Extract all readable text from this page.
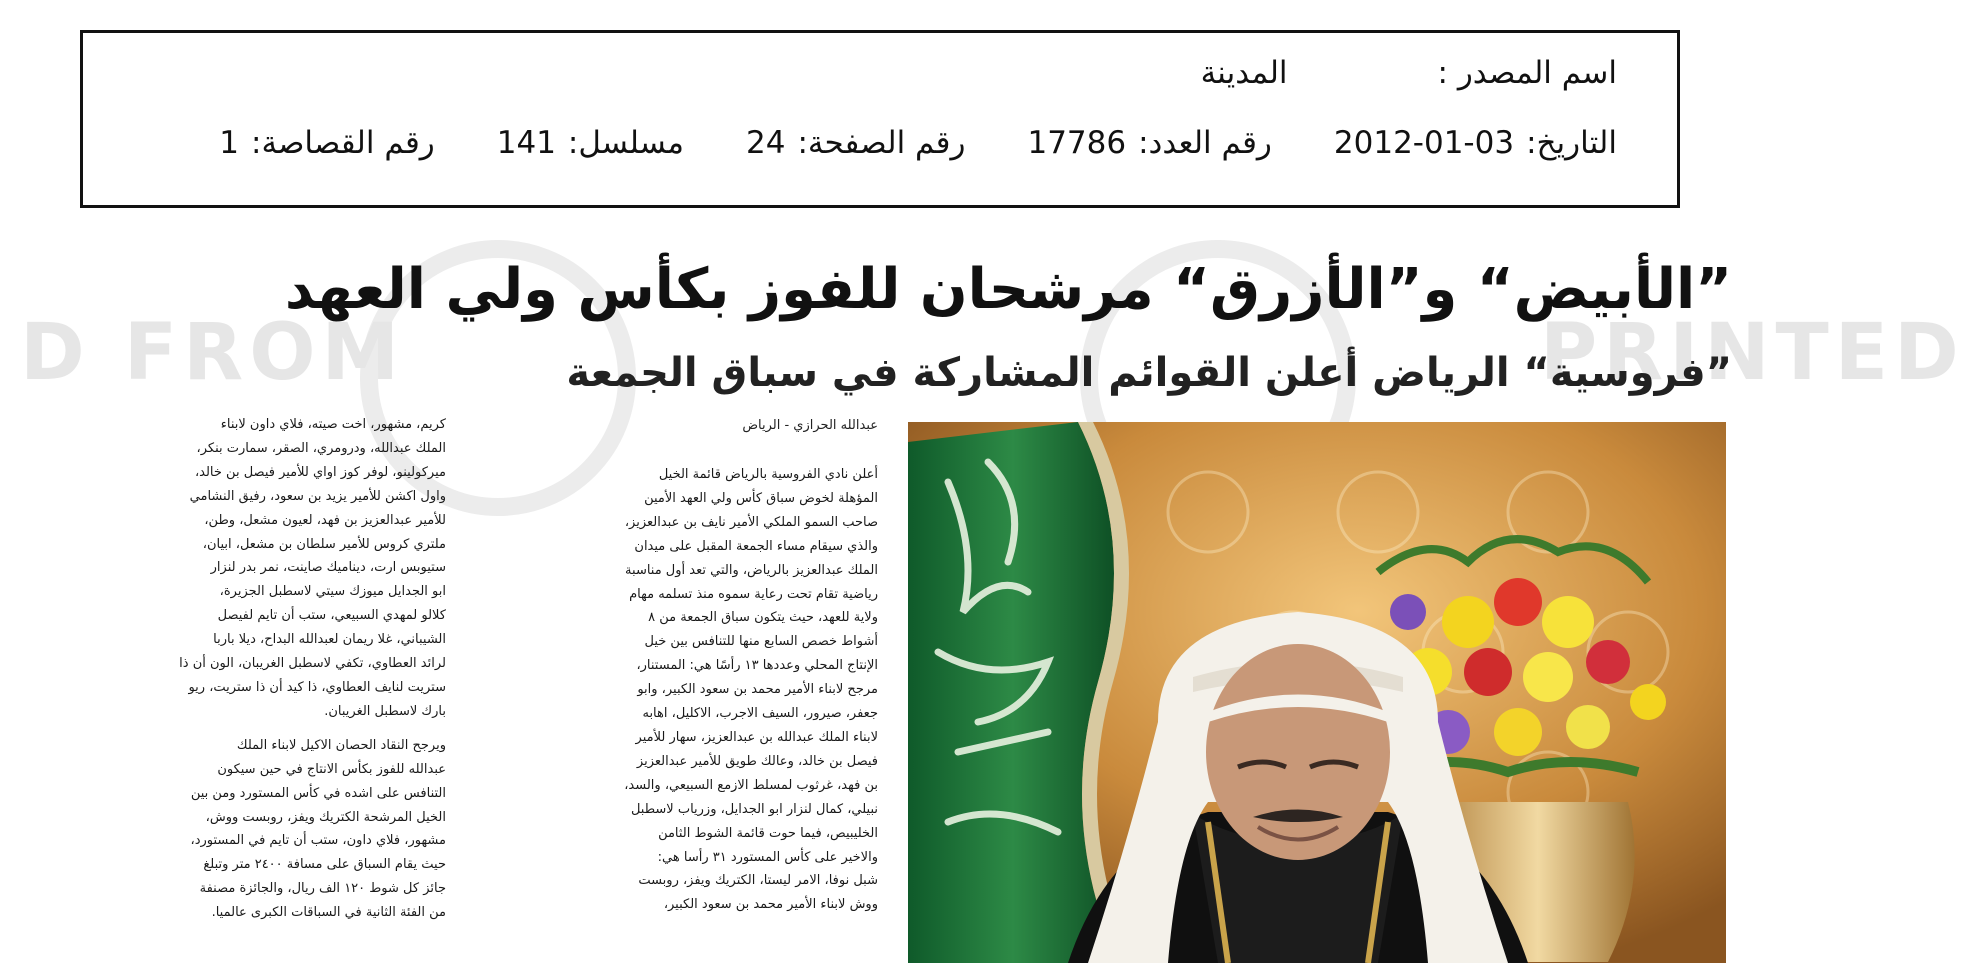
اسم المصدر :
المدينة
التاريخ:
2012-01-03
رقم العدد:
17786
رقم الصفحة:
24
مسلسل:
141
رقم القصاصة:
1
D FROM	PRINTED
”الأبيض“ و”الأزرق“ مرشحان للفوز بكأس ولي العهد
”فروسية“ الرياض أعلن القوائم المشاركة في سباق الجمعة
عبدالله الحرازي - الرياض

أعلن نادي الفروسية بالرياض قائمة الخيل

المؤهلة لخوض سباق كأس ولي العهد الأمين

صاحب السمو الملكي الأمير نايف بن عبدالعزيز،

والذي سيقام مساء الجمعة المقبل على ميدان

الملك عبدالعزيز بالرياض، والتي تعد أول مناسبة

رياضية تقام تحت رعاية سموه منذ تسلمه مهام

ولاية للعهد، حيث يتكون سباق الجمعة من ٨

أشواط خصص السابع منها للتنافس بين خيل

الإنتاج المحلي وعددها ١٣ رأسًا هي: المستنار،

مرجح لابناء الأمير محمد بن سعود الكبير، وابو

جعفر، صيرور، السيف الاجرب، الاكليل، اهابه

لابناء الملك عبدالله بن عبدالعزيز، سهار للأمير

فيصل بن خالد، وعالك طويق للأمير عبدالعزيز

بن فهد، غرثوب لمسلط الازمع السبيعي، والسد،

نبيلي، كمال لنزار ابو الجدايل، وزرياب لاسطبل

الخليبيص، فيما حوت قائمة الشوط الثامن

والاخير على كأس المستورد ٣١ رأسا هي:

شبل نوفا، الامر ليستا، الكتريك ويفز، روبست

ووش لابناء الأمير محمد بن سعود الكبير،

كريم، مشهور، اخت صيته، فلاي داون لابناء

الملك عبدالله، ودرومري، الصقر، سمارت بنكر،

ميركولينو، لوفر كوز اواي للأمير فيصل بن خالد،

واول اكشن للأمير يزيد بن سعود، رفيق النشامي

للأمير عبدالعزيز بن فهد، لعيون مشعل، وطن،

ملتري كروس للأمير سلطان بن مشعل، ابيان،

ستيوبس ارت، ديناميك صاينت، نمر بدر لنزار

ابو الجدايل ميوزك سيتي لاسطبل الجزيرة،

كلالو لمهدي السبيعي، ستب أن تايم لفيصل

الشيباني، غلا ريمان لعبدالله البداح، ديلا باربا

لرائد العطاوي، تكفي لاسطبل الغريبان، الون أن ذا

ستريت لنايف العطاوي، ذا كيد أن ذا ستريت، ريو

بارك لاسطبل الغريبان.

ويرجح النقاد الحصان الاكيل لابناء الملك

عبدالله للفوز بكأس الانتاج في حين سيكون

التنافس على اشده في كأس المستورد ومن بين

الخيل المرشحة الكتريك ويفز، روبست ووش،

مشهور، فلاي داون، ستب أن تايم في المستورد،

حيث يقام السباق على مسافة ٢٤٠٠ متر وتبلغ

جائز كل شوط ١٢٠ الف ريال، والجائزة مصنفة

من الفئة الثانية في السباقات الكبرى عالميا.
